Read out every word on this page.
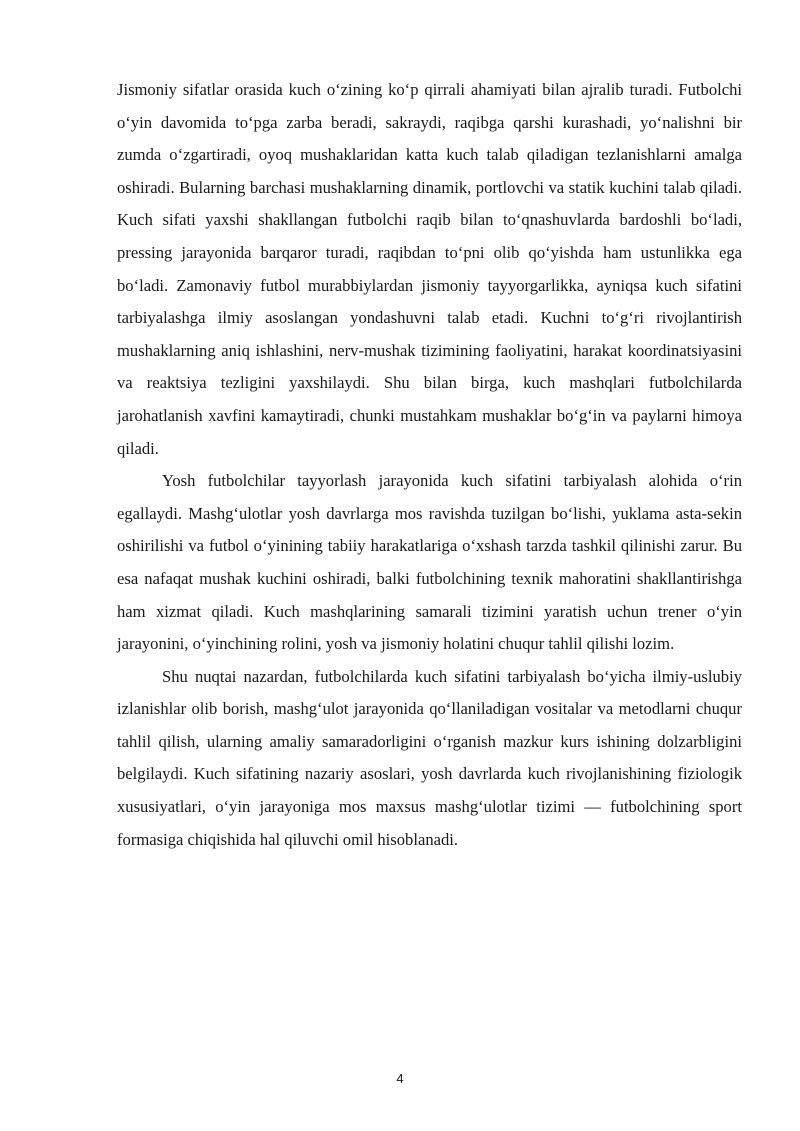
Jismoniy sifatlar orasida kuch o‘zining ko‘p qirrali ahamiyati bilan ajralib turadi. Futbolchi o‘yin davomida to‘pga zarba beradi, sakraydi, raqibga qarshi kurashadi, yo‘nalishni bir zumda o‘zgartiradi, oyoq mushaklaridan katta kuch talab qiladigan tezlanishlarni amalga oshiradi. Bularning barchasi mushaklarning dinamik, portlovchi va statik kuchini talab qiladi. Kuch sifati yaxshi shakllangan futbolchi raqib bilan to‘qnashuvlarda bardoshli bo‘ladi, pressing jarayonida barqaror turadi, raqibdan to‘pni olib qo‘yishda ham ustunlikka ega bo‘ladi. Zamonaviy futbol murabbiylardan jismoniy tayyorgarlikka, ayniqsa kuch sifatini tarbiyalashga ilmiy asoslangan yondashuvni talab etadi. Kuchni to‘g‘ri rivojlantirish mushaklarning aniq ishlashini, nerv-mushak tizimining faoliyatini, harakat koordinatsiyasini va reaktsiya tezligini yaxshilaydi. Shu bilan birga, kuch mashqlari futbolchilarda jarohatlanish xavfini kamaytiradi, chunki mustahkam mushaklar bo‘g‘in va paylarni himoya qiladi.

Yosh futbolchilar tayyorlash jarayonida kuch sifatini tarbiyalash alohida o‘rin egallaydi. Mashg‘ulotlar yosh davrlarga mos ravishda tuzilgan bo‘lishi, yuklama asta-sekin oshirilishi va futbol o‘yinining tabiiy harakatlariga o‘xshash tarzda tashkil qilinishi zarur. Bu esa nafaqat mushak kuchini oshiradi, balki futbolchining texnik mahoratini shakllantirishga ham xizmat qiladi. Kuch mashqlarining samarali tizimini yaratish uchun trener o‘yin jarayonini, o‘yinchining rolini, yosh va jismoniy holatini chuqur tahlil qilishi lozim.

Shu nuqtai nazardan, futbolchilarda kuch sifatini tarbiyalash bo‘yicha ilmiy-uslubiy izlanishlar olib borish, mashg‘ulot jarayonida qo‘llaniladigan vositalar va metodlarni chuqur tahlil qilish, ularning amaliy samaradorligini o‘rganish mazkur kurs ishining dolzarbligini belgilaydi. Kuch sifatining nazariy asoslari, yosh davrlarda kuch rivojlanishining fiziologik xususiyatlari, o‘yin jarayoniga mos maxsus mashg‘ulotlar tizimi — futbolchining sport formasiga chiqishida hal qiluvchi omil hisoblanadi.

4
